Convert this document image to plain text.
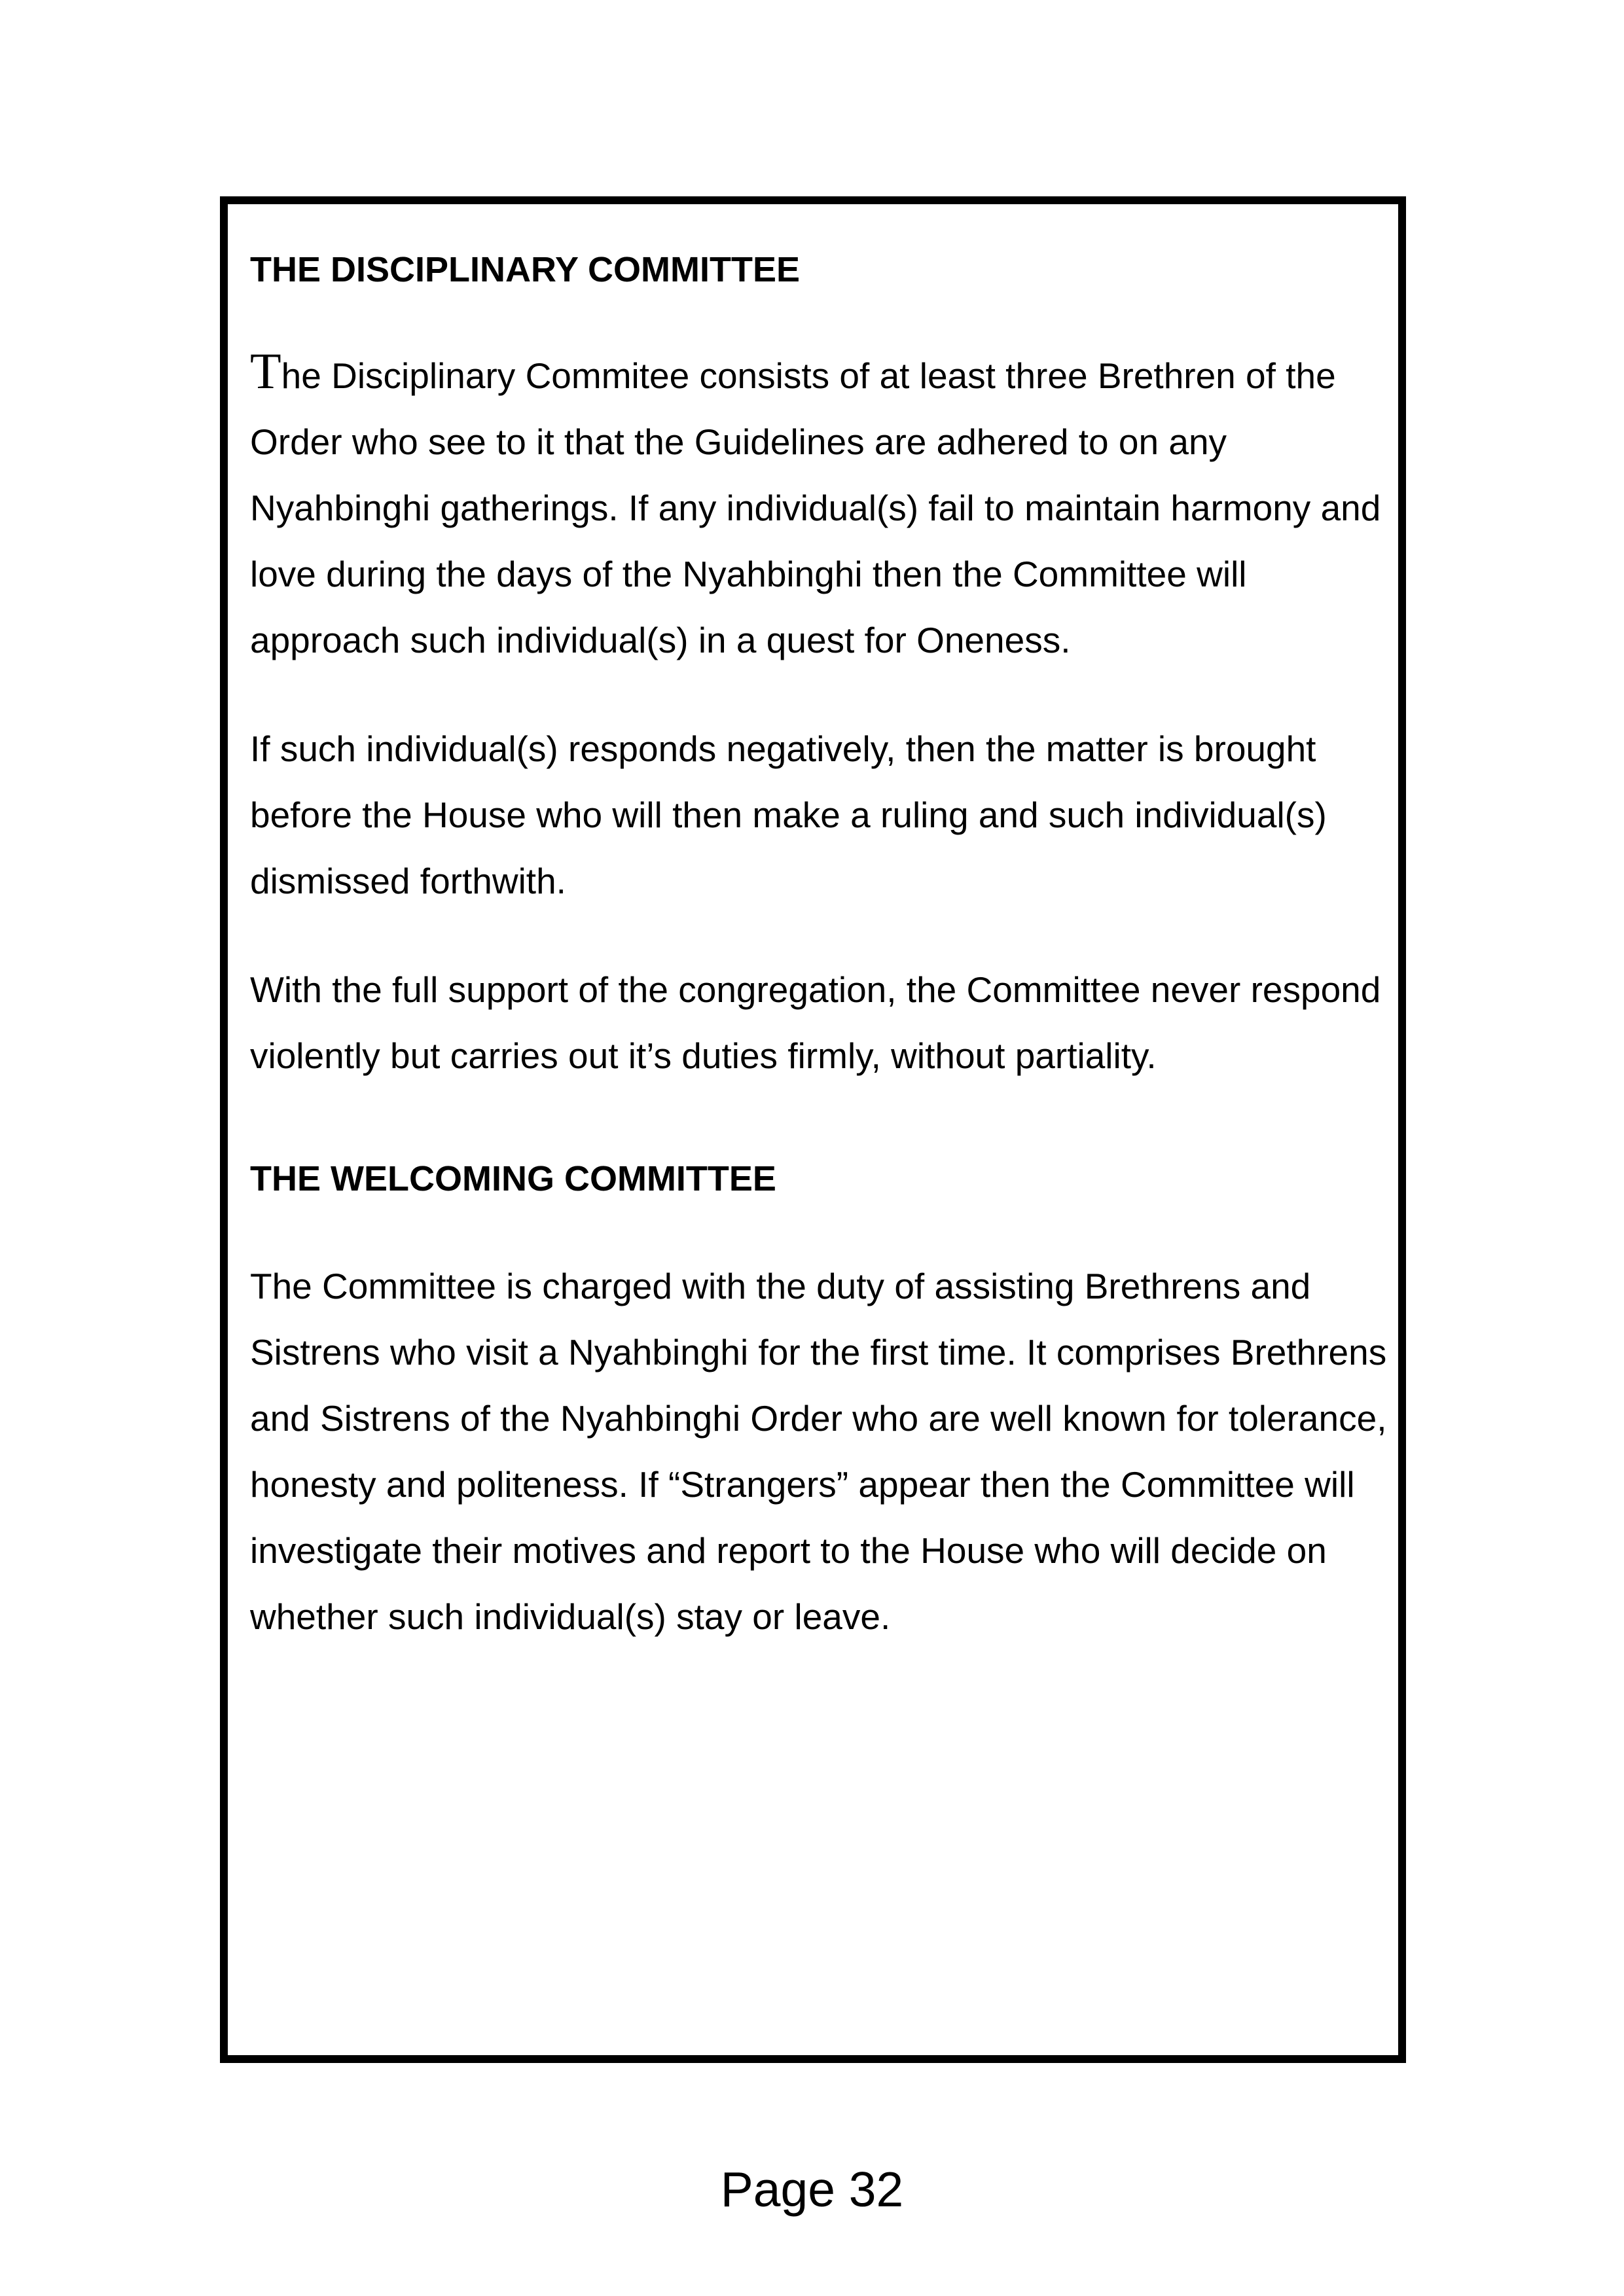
THE DISCIPLINARY COMMITTEE

The Disciplinary Commitee consists of at least three Brethren of the Order who see to it that the Guidelines are adhered to on any Nyahbinghi gatherings. If any individual(s) fail to maintain harmony and love during the days of the Nyahbinghi then the Committee will approach such individual(s) in a quest for Oneness.

If such individual(s) responds negatively, then the matter is brought before the House who will then make a ruling and such individual(s) dismissed forthwith.

With the full support of the congregation, the Committee never respond violently but carries out it’s duties firmly, without partiality.

THE WELCOMING COMMITTEE

The Committee is charged with the duty of assisting Brethrens and Sistrens who visit a Nyahbinghi for the first time. It comprises Brethrens and Sistrens of the Nyahbinghi Order who are well known for tolerance, honesty and politeness. If “Strangers” appear then the Committee will investigate their motives and report to the House who will decide on whether such individual(s) stay or leave.

Page 32
